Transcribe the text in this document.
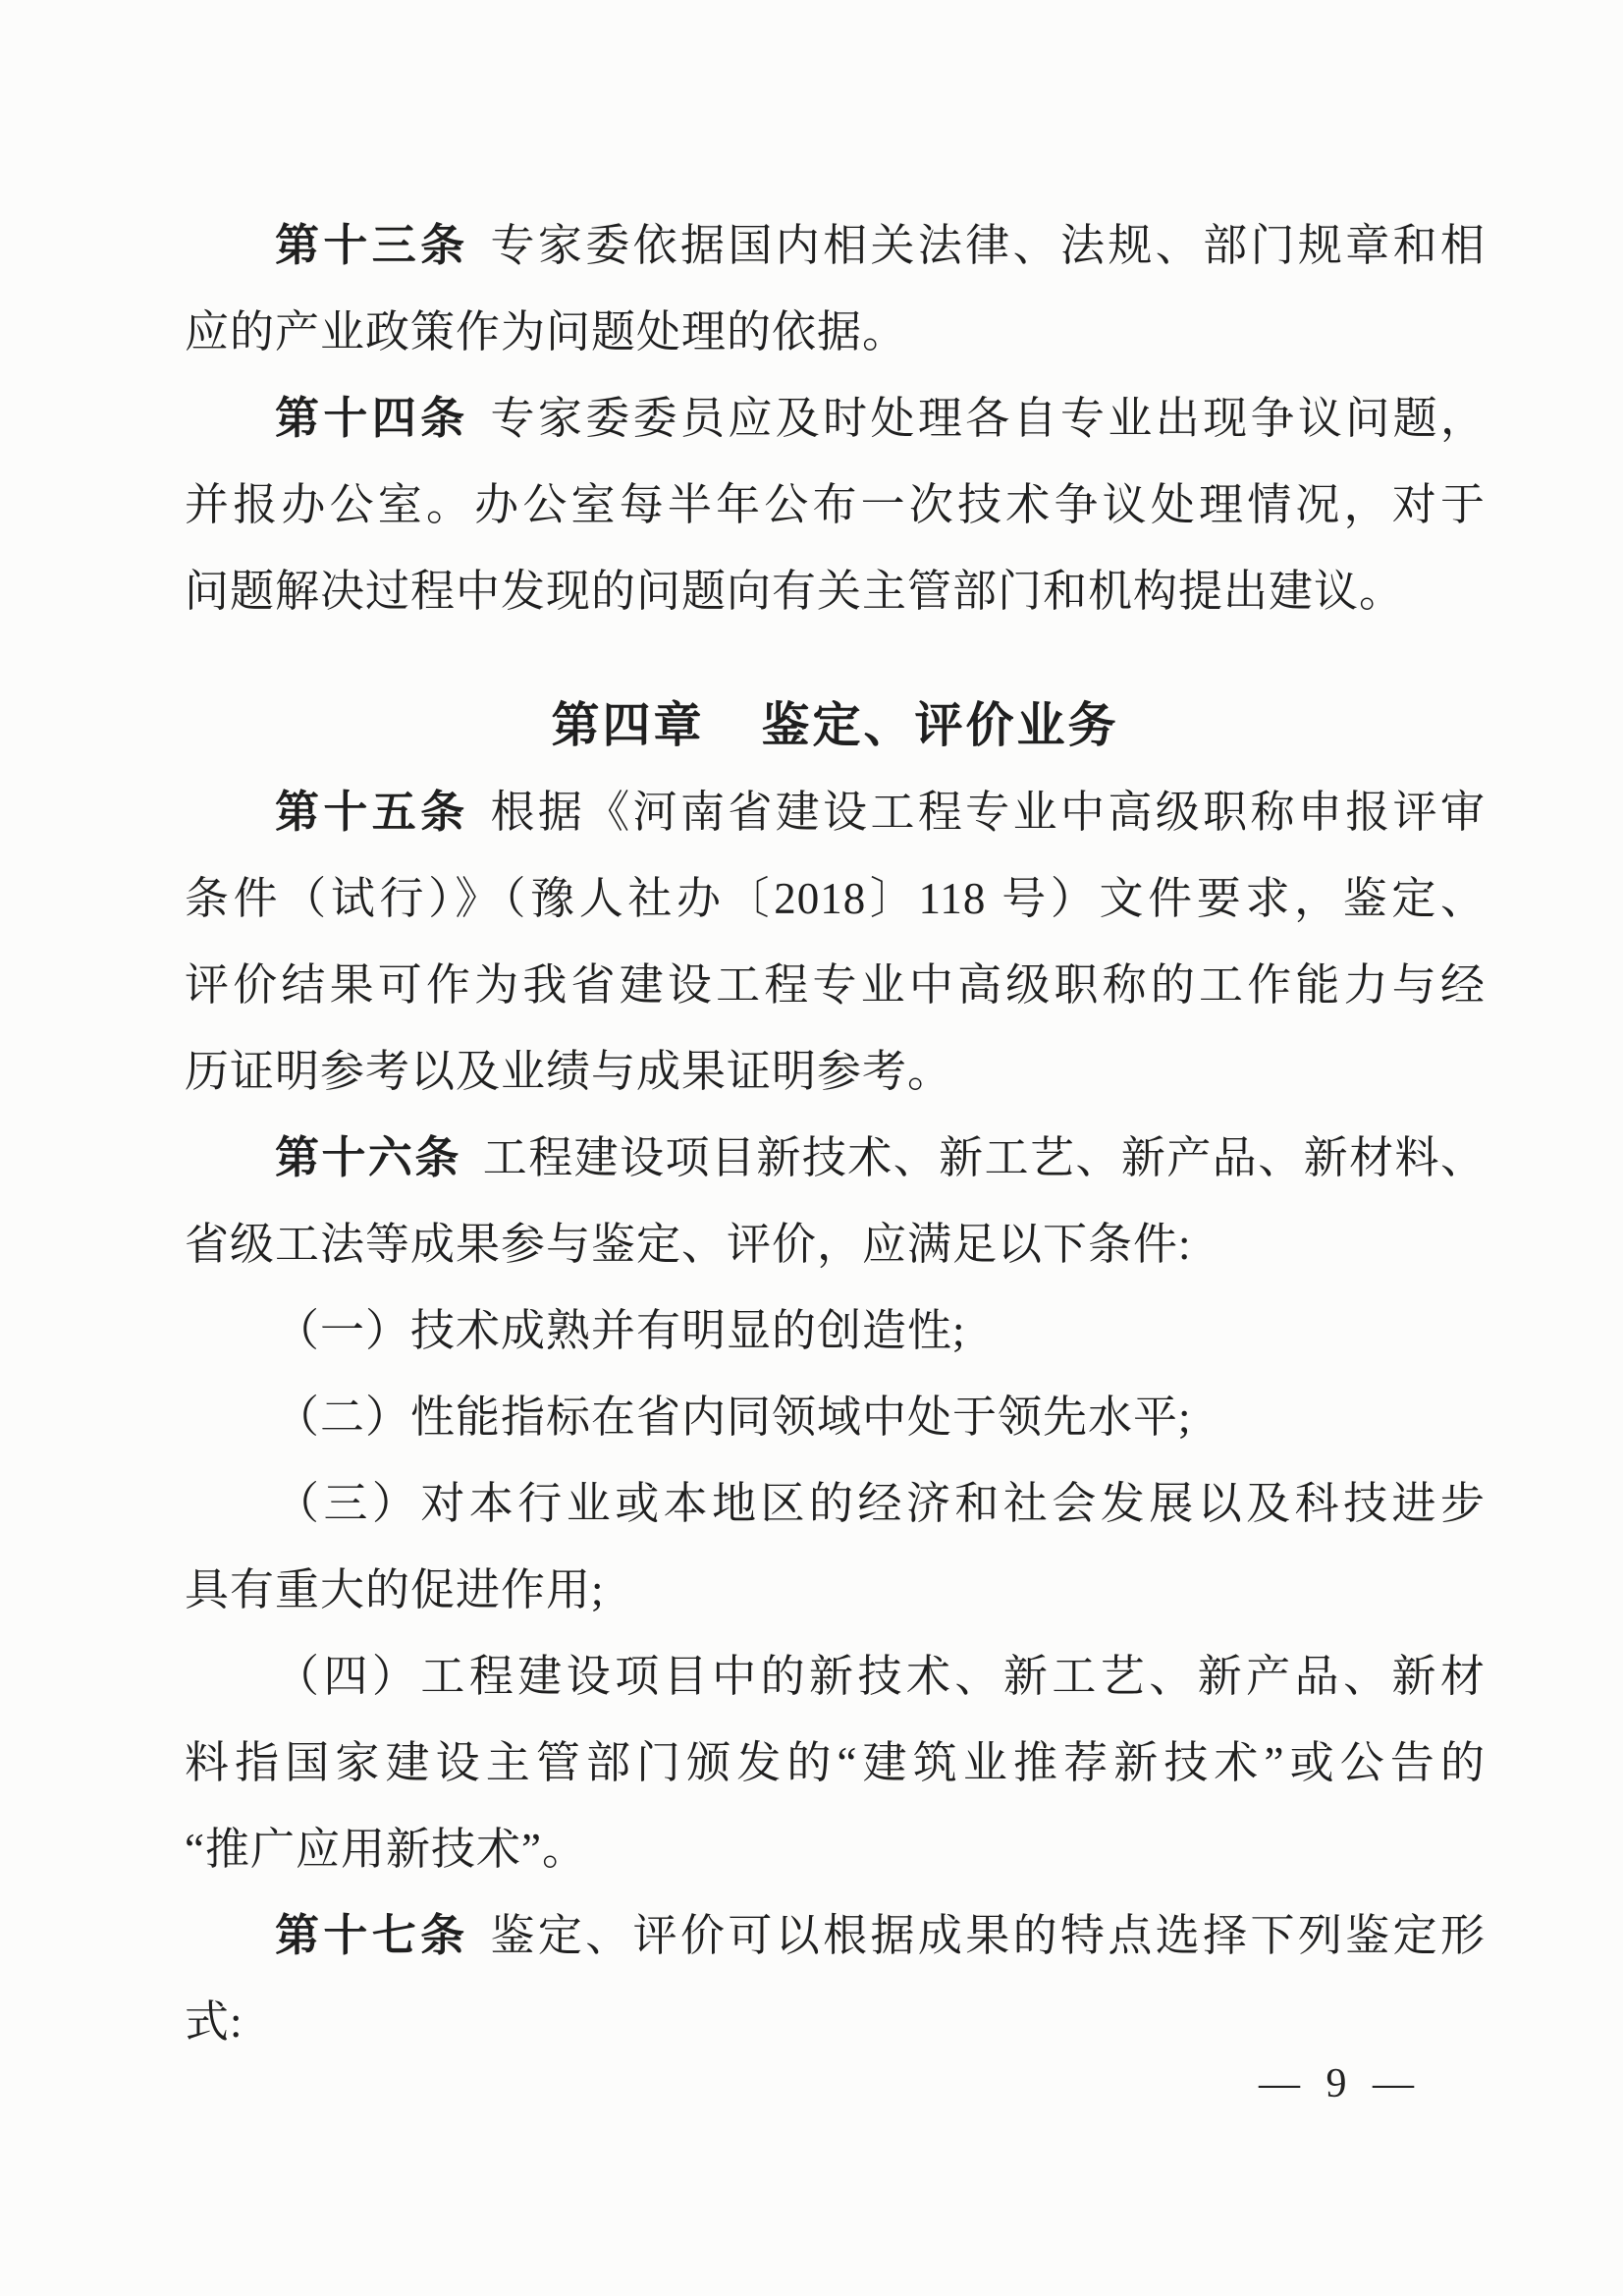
第十三条 专家委依据国内相关法律、法规、部门规章和相
应的产业政策作为问题处理的依据。
第十四条 专家委委员应及时处理各自专业出现争议问题，
并报办公室。办公室每半年公布一次技术争议处理情况，对于
问题解决过程中发现的问题向有关主管部门和机构提出建议。
第四章 鉴定、评价业务
第十五条 根据《河南省建设工程专业中高级职称申报评审
条件（试行）》（豫人社办〔2018〕118 号）文件要求，鉴定、
评价结果可作为我省建设工程专业中高级职称的工作能力与经
历证明参考以及业绩与成果证明参考。
第十六条 工程建设项目新技术、新工艺、新产品、新材料、
省级工法等成果参与鉴定、评价，应满足以下条件:
（一）技术成熟并有明显的创造性;
（二）性能指标在省内同领域中处于领先水平;
（三）对本行业或本地区的经济和社会发展以及科技进步
具有重大的促进作用;
（四）工程建设项目中的新技术、新工艺、新产品、新材
料指国家建设主管部门颁发的“建筑业推荐新技术”或公告的
“推广应用新技术”。
第十七条 鉴定、评价可以根据成果的特点选择下列鉴定形
式:
— 9 —
